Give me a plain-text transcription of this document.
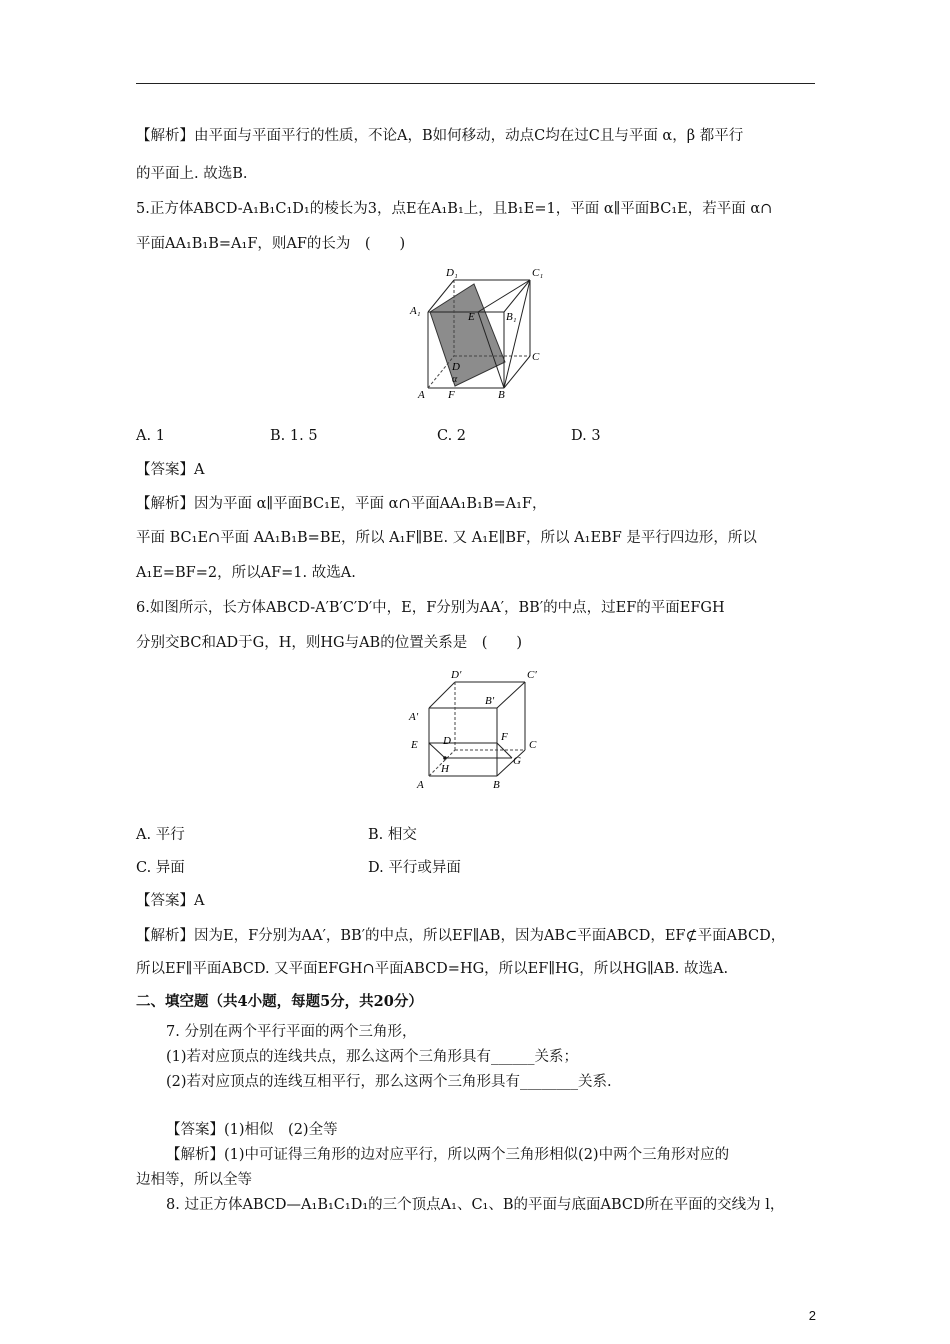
【解析】由平面与平面平行的性质，不论A，B如何移动，动点C均在过C且与平面 α，β 都平行
的平面上. 故选B.
5.正方体ABCD-A₁B₁C₁D₁的棱长为3，点E在A₁B₁上，且B₁E=1，平面 α∥平面BC₁E，若平面 α∩
平面AA₁B₁B=A₁F，则AF的长为　(　　)
D₁	C₁
A₁	E	B₁
D
α
C
A F	B
A. 1	B. 1. 5	C. 2	D. 3
【答案】A
【解析】因为平面 α∥平面BC₁E，平面 α∩平面AA₁B₁B=A₁F，
平面 BC₁E∩平面 AA₁B₁B=BE，所以 A₁F∥BE. 又 A₁E∥BF，所以 A₁EBF 是平行四边形，所以
A₁E=BF=2，所以AF=1. 故选A.
6.如图所示，长方体ABCD-A′B′C′D′中，E，F分别为AA′，BB′的中点，过EF的平面EFGH
分别交BC和AD于G，H，则HG与AB的位置关系是　(　　)
D′	C′
B′
A′
E D	F
C
H
G
A	B
A. 平行	B. 相交
C. 异面	D. 平行或异面
【答案】A
【解析】因为E，F分别为AA′，BB′的中点，所以EF∥AB，因为AB⊂平面ABCD，EF⊄平面ABCD，
所以EF∥平面ABCD. 又平面EFGH∩平面ABCD=HG，所以EF∥HG，所以HG∥AB. 故选A.
二、填空题（共4小题，每题5分，共20分）
7. 分别在两个平行平面的两个三角形，
(1)若对应顶点的连线共点，那么这两个三角形具有______关系；
(2)若对应顶点的连线互相平行，那么这两个三角形具有________关系.
【答案】(1)相似　(2)全等
【解析】(1)中可证得三角形的边对应平行，所以两个三角形相似(2)中两个三角形对应的
边相等，所以全等
8. 过正方体ABCD—A₁B₁C₁D₁的三个顶点A₁、C₁、B的平面与底面ABCD所在平面的交线为 l，
2
